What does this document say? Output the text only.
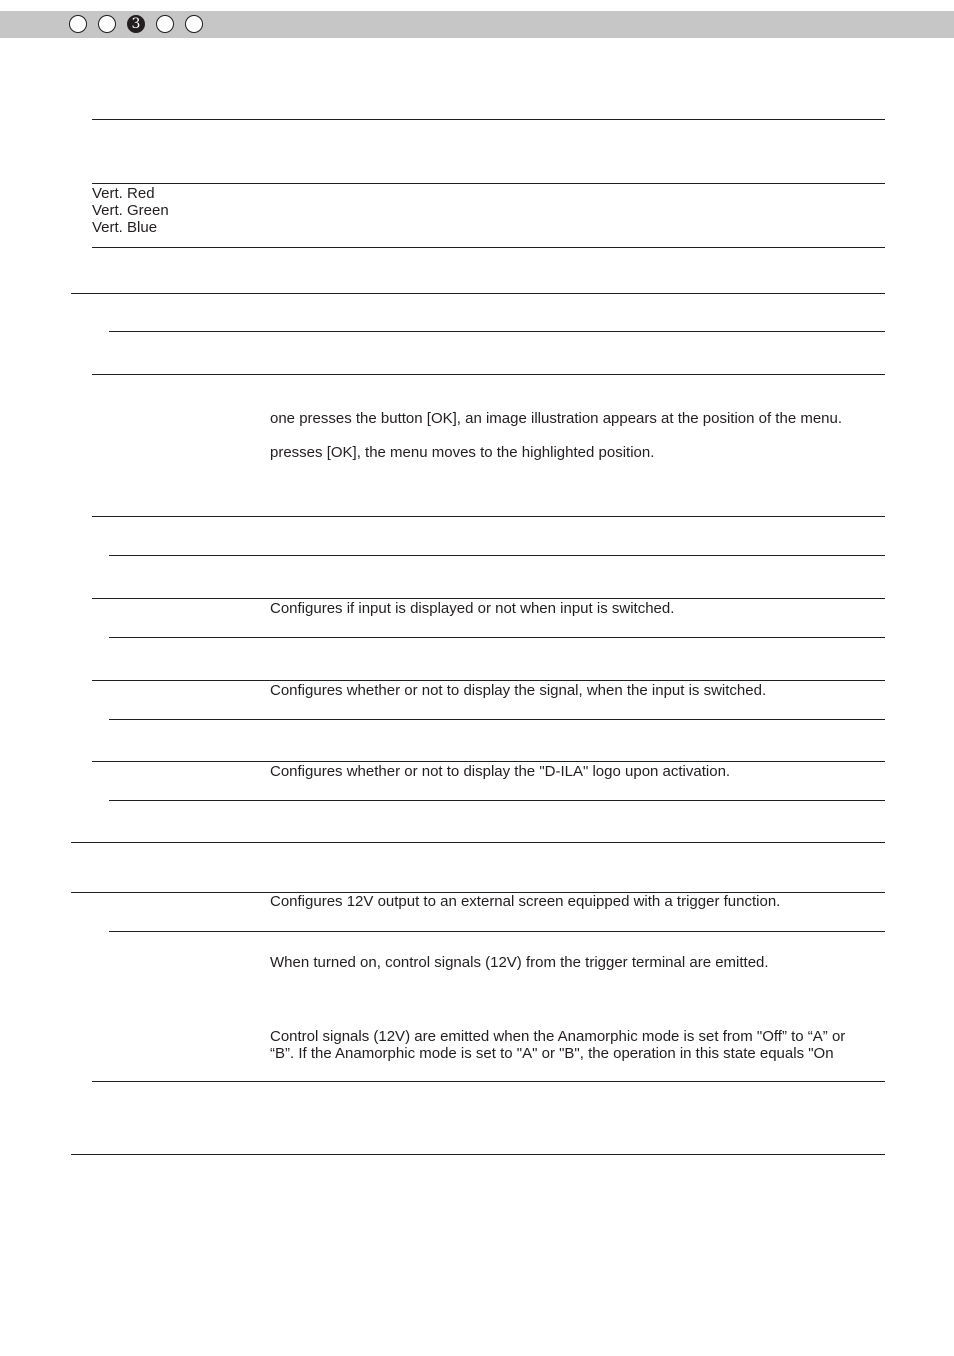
3
Vert. Red
Vert. Green
Vert. Blue
one presses the button [OK], an image illustration appears at the position of the menu.
presses [OK], the menu moves to the highlighted position.
Configures if input is displayed or not when input is switched.
Configures whether or not to display the signal, when the input is switched.
Configures whether or not to display the "D-ILA" logo upon activation.
Configures 12V output to an external screen equipped with a trigger function.
When turned on, control signals (12V) from the trigger terminal are emitted.
Control signals (12V) are emitted when the Anamorphic mode is set from "Off” to “A” or
“B”. If the Anamorphic mode is set to "A" or "B", the operation in this state equals "On
